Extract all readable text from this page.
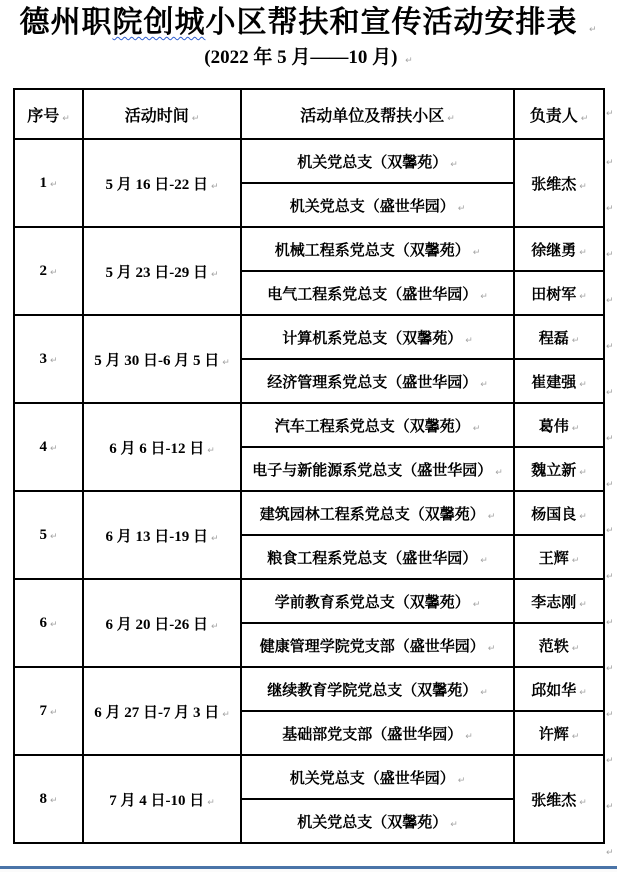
德州职院创城小区帮扶和宣传活动安排表 ↵
(2022 年 5 月——10 月) ↵
序号 ↵	活动时间 ↵	活动单位及帮扶小区 ↵	负责人 ↵
1 ↵	5 月 16 日-22 日 ↵	机关党总支（双馨苑） ↵	张维杰 ↵
		机关党总支（盛世华园） ↵	
2 ↵	5 月 23 日-29 日 ↵	机械工程系党总支（双馨苑） ↵	徐继勇 ↵
		电气工程系党总支（盛世华园） ↵	田树军 ↵
3 ↵	5 月 30 日-6 月 5 日 ↵	计算机系党总支（双馨苑） ↵	程磊 ↵
		经济管理系党总支（盛世华园） ↵	崔建强 ↵
4 ↵	6 月 6 日-12 日 ↵	汽车工程系党总支（双馨苑） ↵	葛伟 ↵
		电子与新能源系党总支（盛世华园） ↵	魏立新 ↵
5 ↵	6 月 13 日-19 日 ↵	建筑园林工程系党总支（双馨苑） ↵	杨国良 ↵
		粮食工程系党总支（盛世华园） ↵	王辉 ↵
6 ↵	6 月 20 日-26 日 ↵	学前教育系党总支（双馨苑） ↵	李志刚 ↵
		健康管理学院党支部（盛世华园） ↵	范轶 ↵
7 ↵	6 月 27 日-7 月 3 日 ↵	继续教育学院党总支（双馨苑） ↵	邱如华 ↵
		基础部党支部（盛世华园） ↵	许辉 ↵
8 ↵	7 月 4 日-10 日 ↵	机关党总支（盛世华园） ↵	张维杰 ↵
		机关党总支（双馨苑） ↵	
↵
↵
↵
↵
↵
↵
↵
↵
↵
↵
↵
↵
↵
↵
↵
↵
↵
